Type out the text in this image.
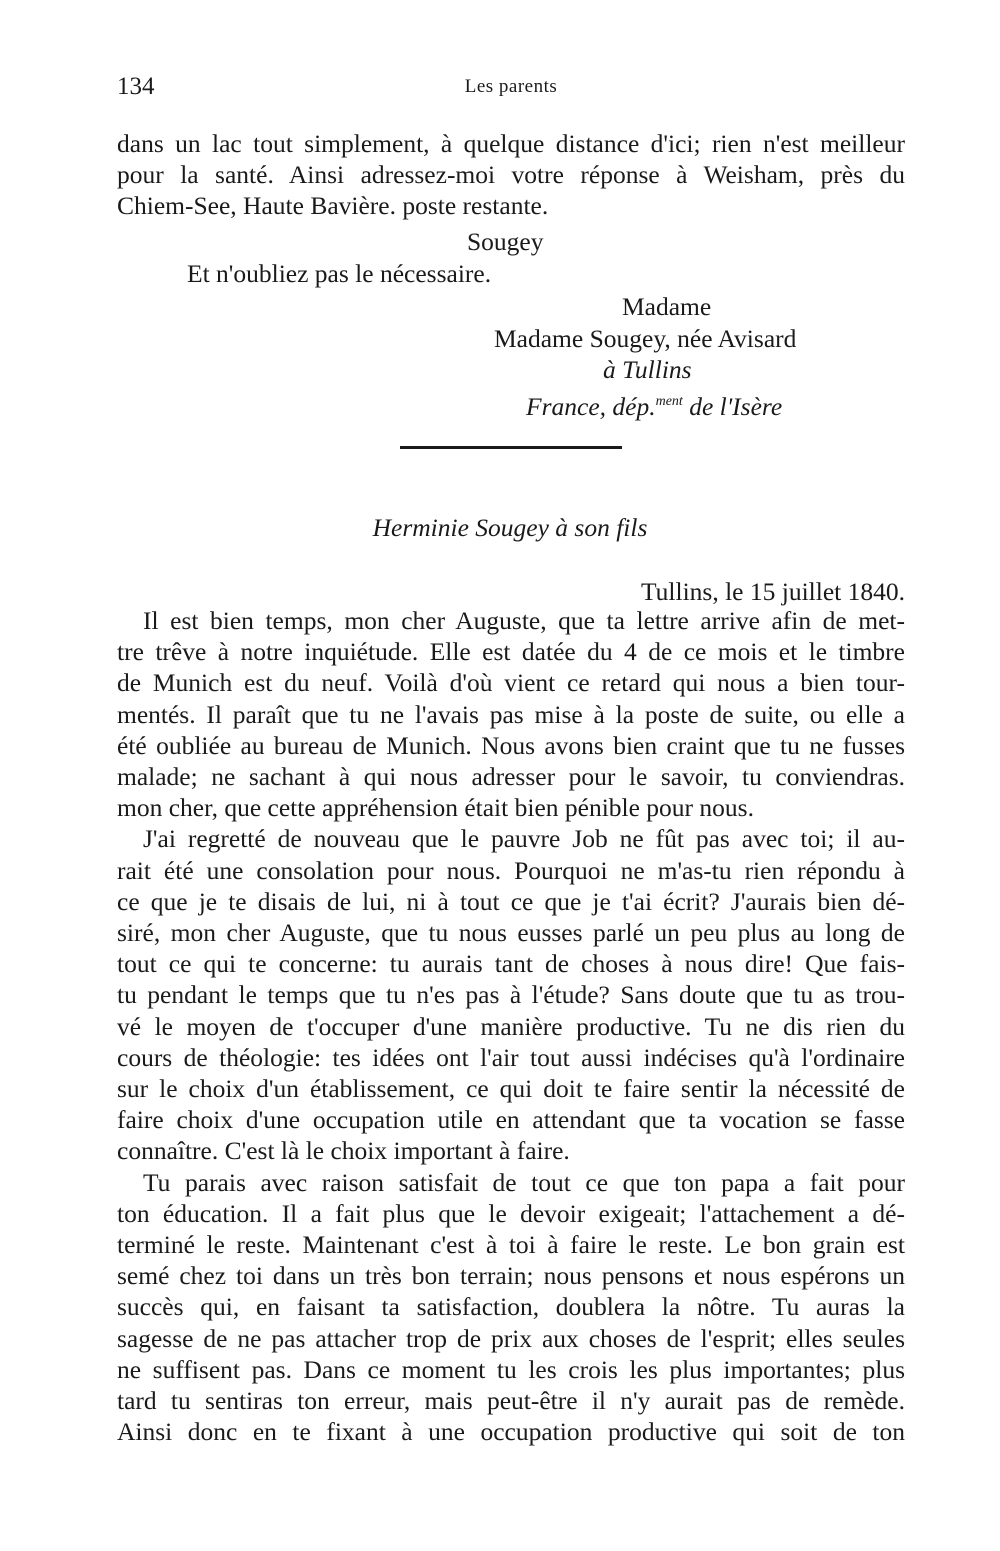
134	Les parents
dans un lac tout simplement, à quelque distance d'ici; rien n'est meilleur
pour la santé. Ainsi adressez-moi votre réponse à Weisham, près du
Chiem-See, Haute Bavière. poste restante.
Sougey
Et n'oubliez pas le nécessaire.
Madame
Madame Sougey, née Avisard
à Tullins
France, dép.$^{ment}$ de l'Isère
Herminie Sougey à son fils
Tullins, le 15 juillet 1840.
Il est bien temps, mon cher Auguste, que ta lettre arrive afin de met-
tre trêve à notre inquiétude. Elle est datée du 4 de ce mois et le timbre
de Munich est du neuf. Voilà d'où vient ce retard qui nous a bien tour-
mentés. Il paraît que tu ne l'avais pas mise à la poste de suite, ou elle a
été oubliée au bureau de Munich. Nous avons bien craint que tu ne fusses
malade; ne sachant à qui nous adresser pour le savoir, tu conviendras.
mon cher, que cette appréhension était bien pénible pour nous.
J'ai regretté de nouveau que le pauvre Job ne fût pas avec toi; il au-
rait été une consolation pour nous. Pourquoi ne m'as-tu rien répondu à
ce que je te disais de lui, ni à tout ce que je t'ai écrit? J'aurais bien dé-
siré, mon cher Auguste, que tu nous eusses parlé un peu plus au long de
tout ce qui te concerne: tu aurais tant de choses à nous dire! Que fais-
tu pendant le temps que tu n'es pas à l'étude? Sans doute que tu as trou-
vé le moyen de t'occuper d'une manière productive. Tu ne dis rien du
cours de théologie: tes idées ont l'air tout aussi indécises qu'à l'ordinaire
sur le choix d'un établissement, ce qui doit te faire sentir la nécessité de
faire choix d'une occupation utile en attendant que ta vocation se fasse
connaître. C'est là le choix important à faire.
Tu parais avec raison satisfait de tout ce que ton papa a fait pour
ton éducation. Il a fait plus que le devoir exigeait; l'attachement a dé-
terminé le reste. Maintenant c'est à toi à faire le reste. Le bon grain est
semé chez toi dans un très bon terrain; nous pensons et nous espérons un
succès qui, en faisant ta satisfaction, doublera la nôtre. Tu auras la
sagesse de ne pas attacher trop de prix aux choses de l'esprit; elles seules
ne suffisent pas. Dans ce moment tu les crois les plus importantes; plus
tard tu sentiras ton erreur, mais peut-être il n'y aurait pas de remède.
Ainsi donc en te fixant à une occupation productive qui soit de ton
